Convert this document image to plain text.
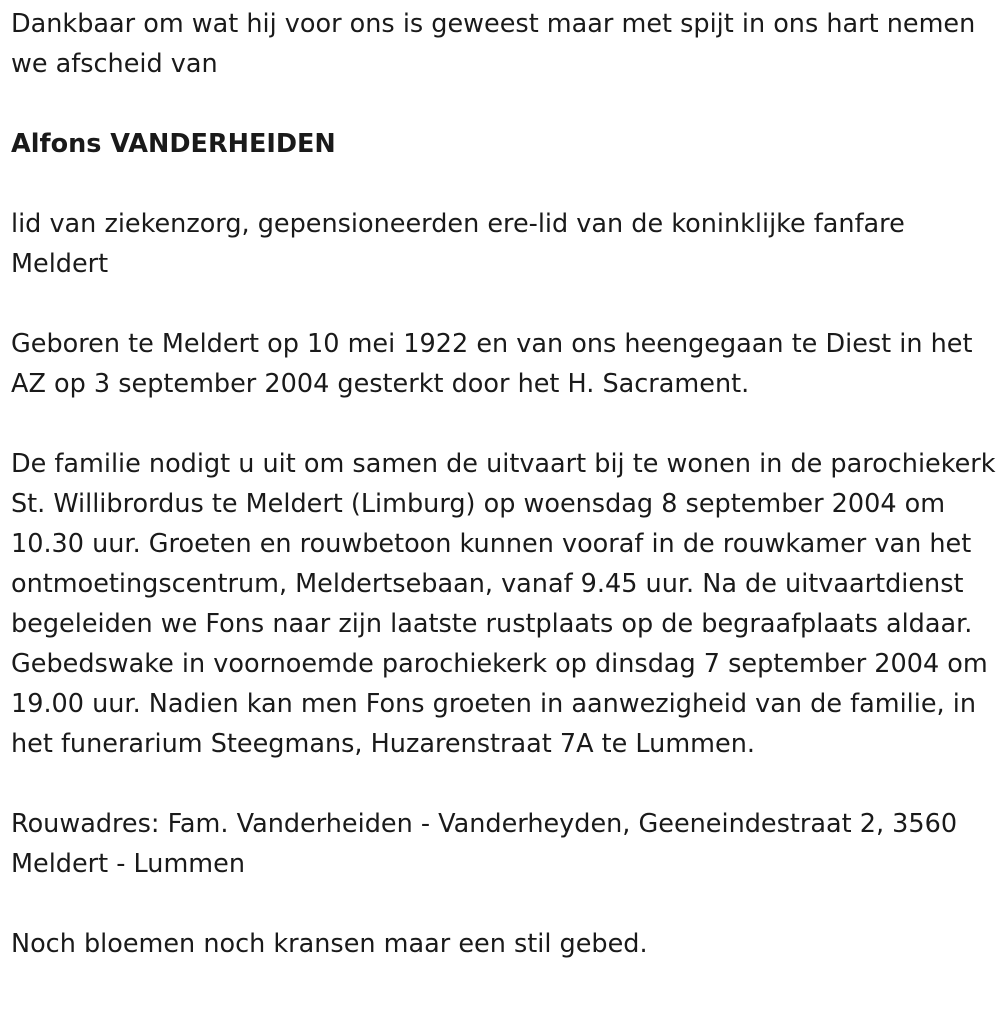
Dankbaar om wat hij voor ons is geweest maar met spijt in ons hart nemen we afscheid van

Alfons VANDERHEIDEN

lid van ziekenzorg, gepensioneerden ere-lid van de koninklijke fanfare Meldert

Geboren te Meldert op 10 mei 1922 en van ons heengegaan te Diest in het AZ op 3 september 2004 gesterkt door het H. Sacrament.

De familie nodigt u uit om samen de uitvaart bij te wonen in de parochiekerk St. Willibrordus te Meldert (Limburg) op woensdag 8 september 2004 om 10.30 uur. Groeten en rouwbetoon kunnen vooraf in de rouwkamer van het ontmoetingscentrum, Meldertsebaan, vanaf 9.45 uur. Na de uitvaartdienst begeleiden we Fons naar zijn laatste rustplaats op de begraafplaats aldaar. Gebedswake in voornoemde parochiekerk op dinsdag 7 september 2004 om 19.00 uur. Nadien kan men Fons groeten in aanwezigheid van de familie, in het funerarium Steegmans, Huzarenstraat 7A te Lummen.

Rouwadres: Fam. Vanderheiden - Vanderheyden, Geeneindestraat 2, 3560 Meldert - Lummen

Noch bloemen noch kransen maar een stil gebed.
